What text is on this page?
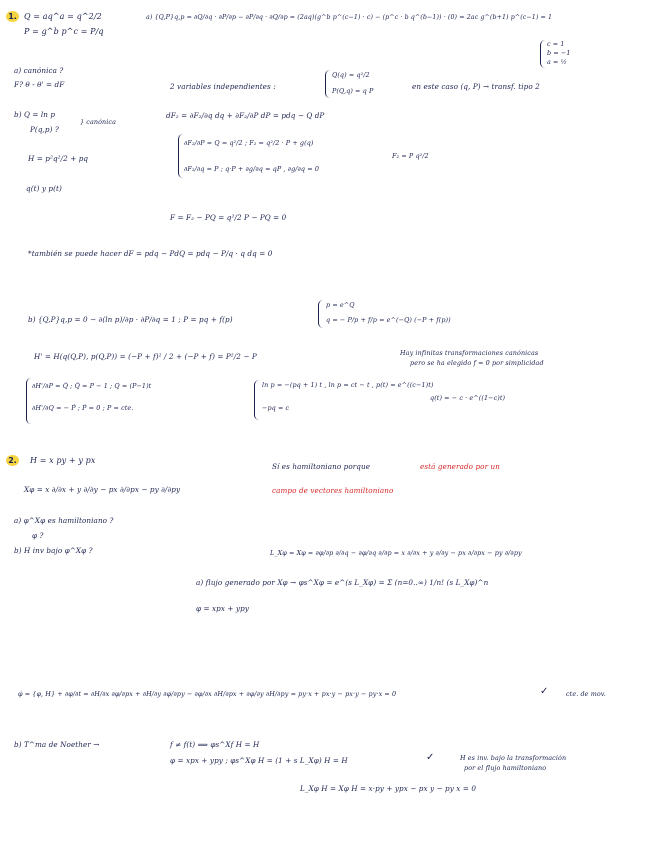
1. Q = aq^a = q^2/2
P = g^b p^c = P/q
a) {Q,P}q,p = ∂Q/∂q · ∂P/∂p − ∂P/∂q · ∂Q/∂p = (2aq)(g^b p^(c−1) · c) − (p^c · b q^(b−1)) · (0) = 2ac g^(b+1) p^(c−1) = 1
c = 1
b = −1
a = ½
a) canónica ?
F? θ - θ' = dF	2 variables independientes :
Q(q) = q²/2
P(Q,q) = q P	en este caso (q, P) → transf. tipo 2
b) Q = ln p
P(q,p) ?
} canónica
H = p²q²/2 + pq
q(t) y p(t)
dF₂ = ∂F₂/∂q dq + ∂F₂/∂P dP = pdq − Q dP
∂F₂/∂P = Q = q²/2 ; F₂ = q²/2 · P + g(q)
∂F₂/∂q = P ; q·P + ∂g/∂q = qP , ∂g/∂q = 0
F₂ = P q²/2
F = F₂ − PQ = q²/2 P − PQ = 0
*también se puede hacer dF = pdq − PdQ = pdq − P/q · q dq = 0
b) {Q,P}q,p = 0 − ∂(ln p)/∂p · ∂P/∂q = 1 ; P = pq + f(p)
p = e^Q
q = − P/p + f/p = e^(−Q) (−P + f(p))
H' = H(q(Q,P), p(Q,P)) = (−P + f)² / 2 + (−P + f) = P²/2 − P	Hay infinitas transformaciones canónicas
pero se ha elegido f = 0 por simplicidad
∂H'/∂P = Q̇ ; Q̇ = P − 1 ; Q = (P−1)t
∂H'/∂Q = − Ṗ ; Ṗ = 0 ; P = cte.
ln p = −(pq + 1) t , ln p = ct − t , p(t) = e^((c−1)t)
−pq = c
q(t) = − c · e^((1−c)t)
2. H = x py + y px
Xφ = x ∂/∂x + y ∂/∂y − px ∂/∂px − py ∂/∂py
a) φ^Xφ es hamiltoniano ?
φ ?
b) H inv bajo φ^Xφ ?
Sí es hamiltoniano porque	está generado por un
campo de vectores hamiltoniano
L_Xφ = Xφ = ∂φ/∂p ∂/∂q − ∂φ/∂q ∂/∂p = x ∂/∂x + y ∂/∂y − px ∂/∂px − py ∂/∂py
a) flujo generado por Xφ → φs^Xφ = e^(s L_Xφ) = Σ (n=0..∞) 1/n! (s L_Xφ)^n
φ = xpx + ypy
φ̇ = {φ, H} + ∂φ/∂t = ∂H/∂x ∂φ/∂px + ∂H/∂y ∂φ/∂py − ∂φ/∂x ∂H/∂px + ∂φ/∂y ∂H/∂py = py·x + px·y − px·y − py·x = 0	✓	cte. de mov.
b) T^ma de Noether →	f ≠ f(t) ⟹ φs^Xf H = H
φ = xpx + ypy ; φs^Xφ H = (1 + s L_Xφ) H = H	✓	H es inv. bajo la transformación
por el flujo hamiltoniano
L_Xφ H = Xφ H = x·py + ypx − px y − py x = 0
